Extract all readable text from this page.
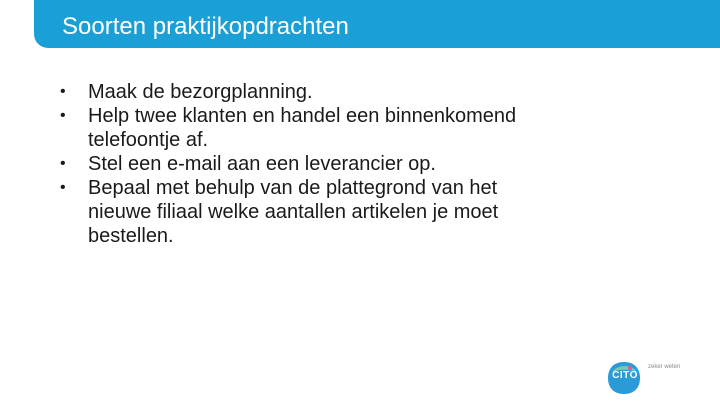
Soorten praktijkopdrachten
• Maak de bezorgplanning.
• Help twee klanten en handel een binnenkomend
telefoontje af.
• Stel een e-mail aan een leverancier op.
• Bepaal met behulp van de plattegrond van het
nieuwe filiaal welke aantallen artikelen je moet
bestellen.
CITO
zeker weten
